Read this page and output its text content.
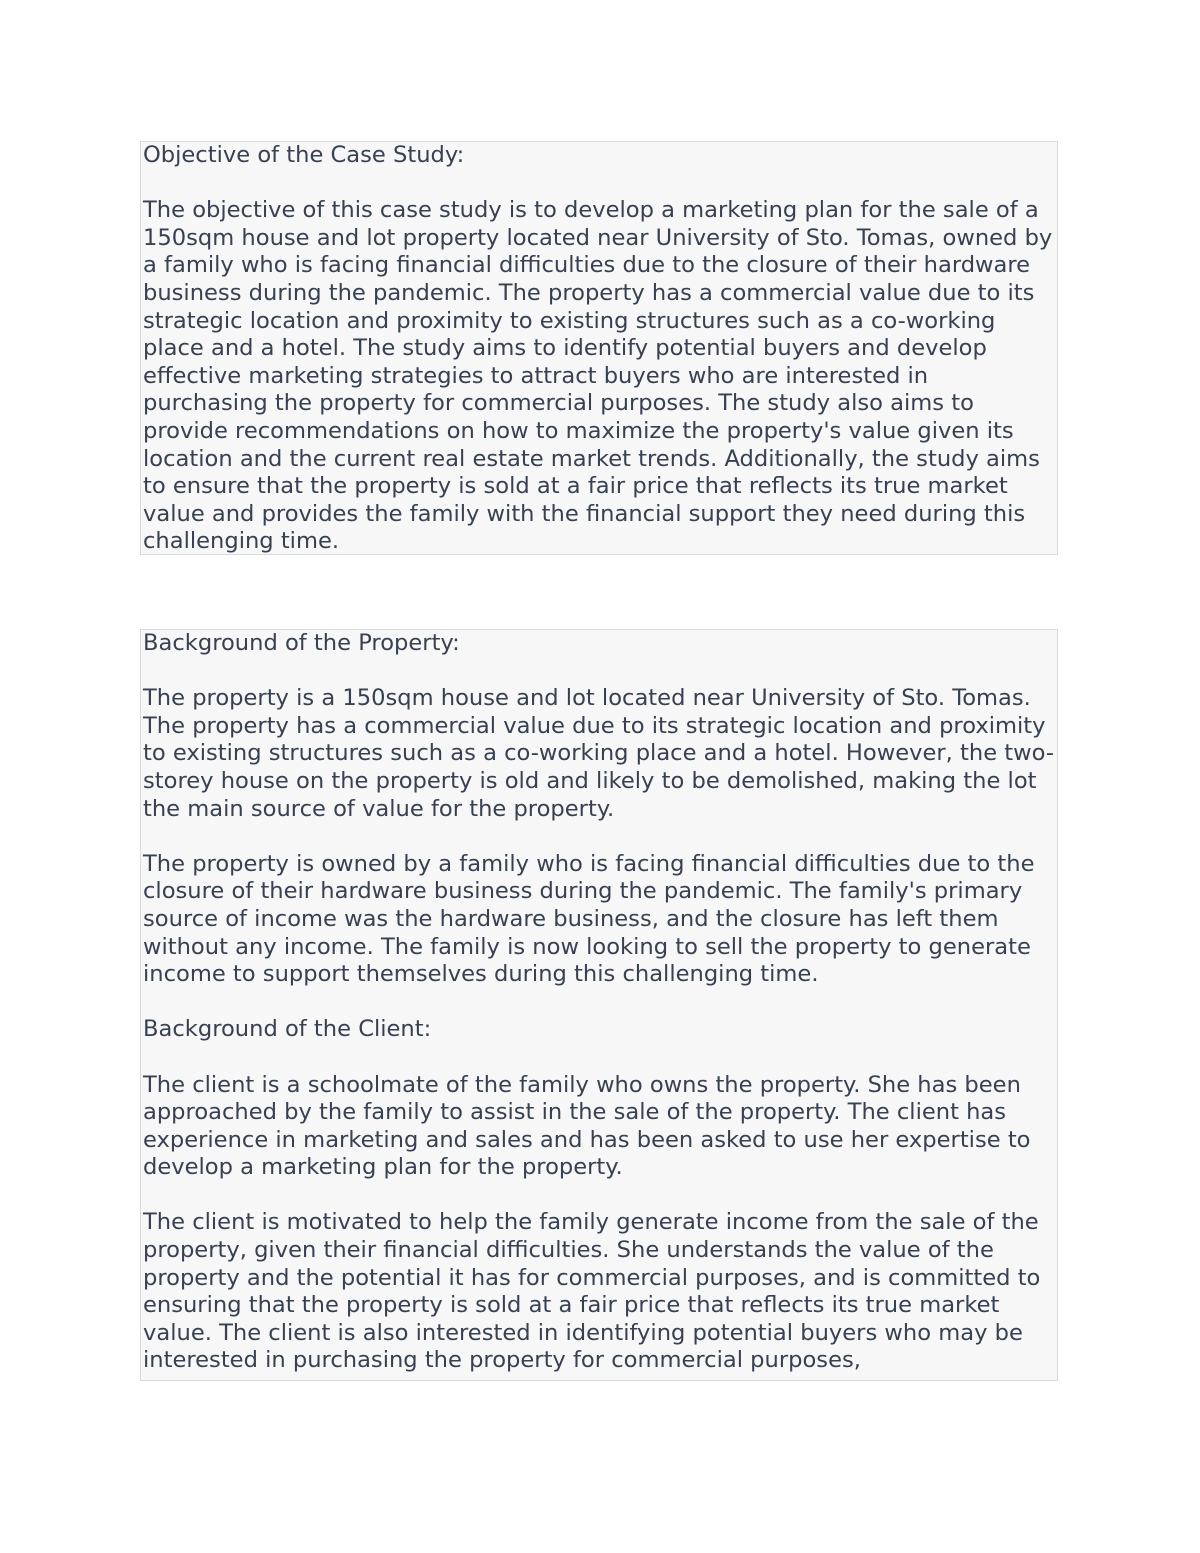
Objective of the Case Study:

The objective of this case study is to develop a marketing plan for the sale of a 150sqm house and lot property located near University of Sto. Tomas, owned by a family who is facing financial difficulties due to the closure of their hardware business during the pandemic. The property has a commercial value due to its strategic location and proximity to existing structures such as a co-working place and a hotel. The study aims to identify potential buyers and develop effective marketing strategies to attract buyers who are interested in purchasing the property for commercial purposes. The study also aims to provide recommendations on how to maximize the property's value given its location and the current real estate market trends. Additionally, the study aims to ensure that the property is sold at a fair price that reflects its true market value and provides the family with the financial support they need during this challenging time.

Background of the Property:

The property is a 150sqm house and lot located near University of Sto. Tomas. The property has a commercial value due to its strategic location and proximity to existing structures such as a co-working place and a hotel. However, the two-storey house on the property is old and likely to be demolished, making the lot the main source of value for the property.

The property is owned by a family who is facing financial difficulties due to the closure of their hardware business during the pandemic. The family's primary source of income was the hardware business, and the closure has left them without any income. The family is now looking to sell the property to generate income to support themselves during this challenging time.

Background of the Client:

The client is a schoolmate of the family who owns the property. She has been approached by the family to assist in the sale of the property. The client has experience in marketing and sales and has been asked to use her expertise to develop a marketing plan for the property.

The client is motivated to help the family generate income from the sale of the property, given their financial difficulties. She understands the value of the property and the potential it has for commercial purposes, and is committed to ensuring that the property is sold at a fair price that reflects its true market value. The client is also interested in identifying potential buyers who may be interested in purchasing the property for commercial purposes,
